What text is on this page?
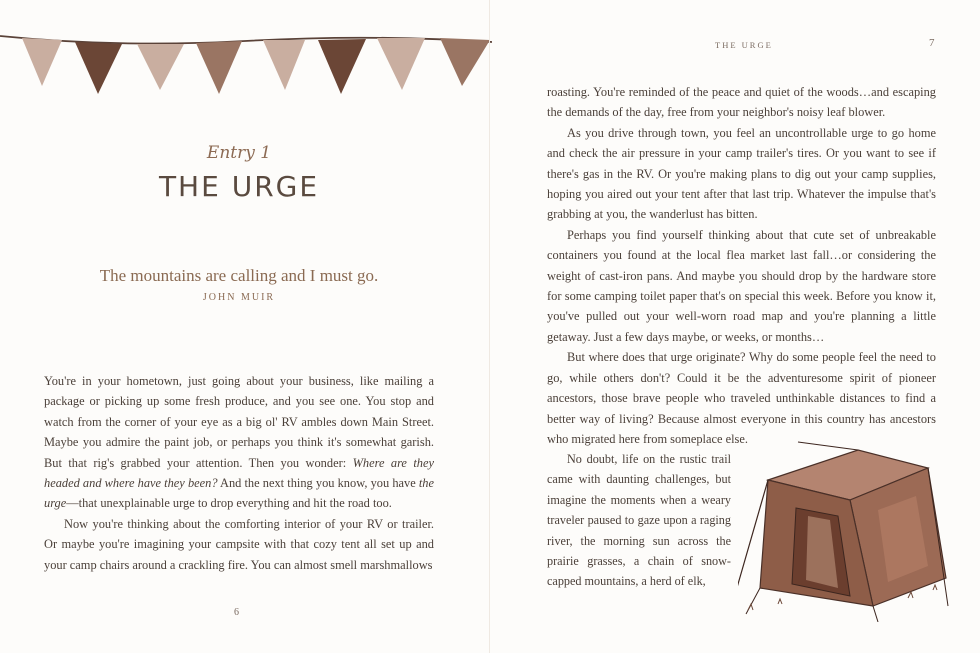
Entry 1
THE URGE
The mountains are calling and I must go.
JOHN MUIR

You're in your hometown, just going about your business, like mailing a package or picking up some fresh produce, and you see one. You stop and watch from the corner of your eye as a big ol' RV ambles down Main Street. Maybe you admire the paint job, or perhaps you think it's somewhat garish. But that rig's grabbed your attention. Then you wonder: Where are they headed and where have they been? And the next thing you know, you have the urge—that unexplainable urge to drop everything and hit the road too.

Now you're thinking about the comforting interior of your RV or trailer. Or maybe you're imagining your campsite with that cozy tent all set up and your camp chairs around a crackling fire. You can almost smell marshmallows

6
THE URGE	7

roasting. You're reminded of the peace and quiet of the woods…and escaping the demands of the day, free from your neighbor's noisy leaf blower.

As you drive through town, you feel an uncontrollable urge to go home and check the air pressure in your camp trailer's tires. Or you want to see if there's gas in the RV. Or you're making plans to dig out your camp supplies, hoping you aired out your tent after that last trip. Whatever the impulse that's grabbing at you, the wanderlust has bitten.

Perhaps you find yourself thinking about that cute set of unbreakable containers you found at the local flea market last fall…or considering the weight of cast-iron pans. And maybe you should drop by the hardware store for some camping toilet paper that's on special this week. Before you know it, you've pulled out your well-worn road map and you're planning a little getaway. Just a few days maybe, or weeks, or months…

But where does that urge originate? Why do some people feel the need to go, while others don't? Could it be the adventuresome spirit of pioneer ancestors, those brave people who traveled unthinkable distances to find a better way of living? Because almost everyone in this country has ancestors who migrated here from someplace else.

No doubt, life on the rustic trail came with daunting challenges, but imagine the moments when a weary traveler paused to gaze upon a raging river, the morning sun across the prairie grasses, a chain of snow-capped mountains, a herd of elk,
